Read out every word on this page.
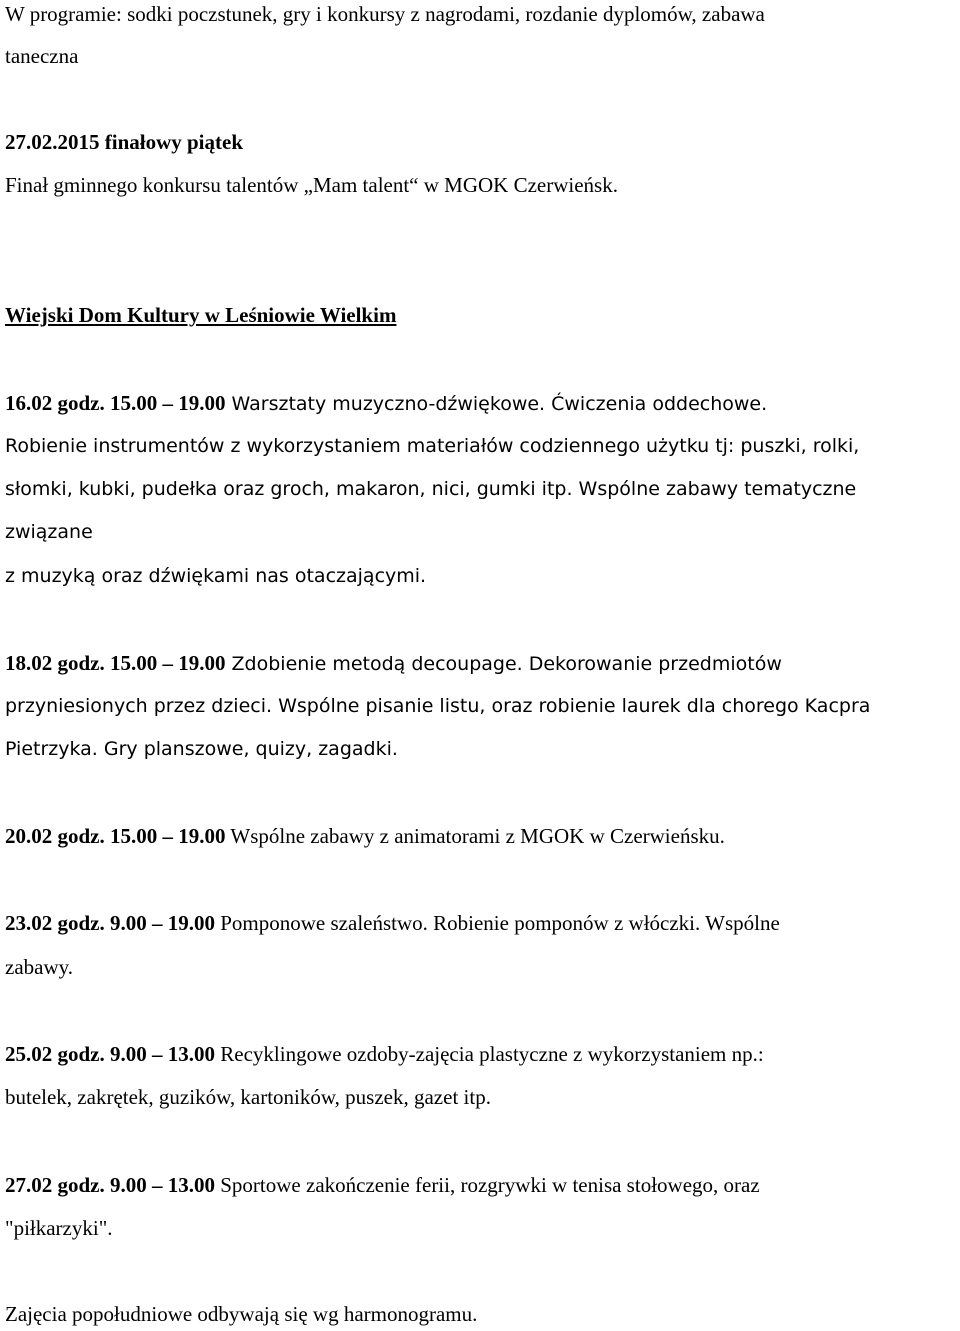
W programie: sodki poczstunek, gry i konkursy z nagrodami, rozdanie dyplomów, zabawa
taneczna
27.02.2015 finałowy piątek
Finał gminnego konkursu talentów „Mam talent“ w MGOK Czerwieńsk.
Wiejski Dom Kultury w Leśniowie Wielkim
16.02 godz. 15.00 – 19.00 Warsztaty muzyczno-dźwiękowe. Ćwiczenia oddechowe.
Robienie instrumentów z wykorzystaniem materiałów codziennego użytku tj: puszki, rolki,
słomki, kubki, pudełka oraz groch, makaron, nici, gumki itp. Wspólne zabawy tematyczne
związane
z muzyką oraz dźwiękami nas otaczającymi.
18.02 godz. 15.00 – 19.00 Zdobienie metodą decoupage. Dekorowanie przedmiotów
przyniesionych przez dzieci. Wspólne pisanie listu, oraz robienie laurek dla chorego Kacpra
Pietrzyka. Gry planszowe, quizy, zagadki.
20.02 godz. 15.00 – 19.00 Wspólne zabawy z animatorami z MGOK w Czerwieńsku.
23.02 godz. 9.00 – 19.00 Pomponowe szaleństwo. Robienie pomponów z włóczki. Wspólne
zabawy.
25.02 godz. 9.00 – 13.00 Recyklingowe ozdoby-zajęcia plastyczne z wykorzystaniem np.:
butelek, zakrętek, guzików, kartoników, puszek, gazet itp.
27.02 godz. 9.00 – 13.00 Sportowe zakończenie ferii, rozgrywki w tenisa stołowego, oraz
"piłkarzyki".
Zajęcia popołudniowe odbywają się wg harmonogramu.
